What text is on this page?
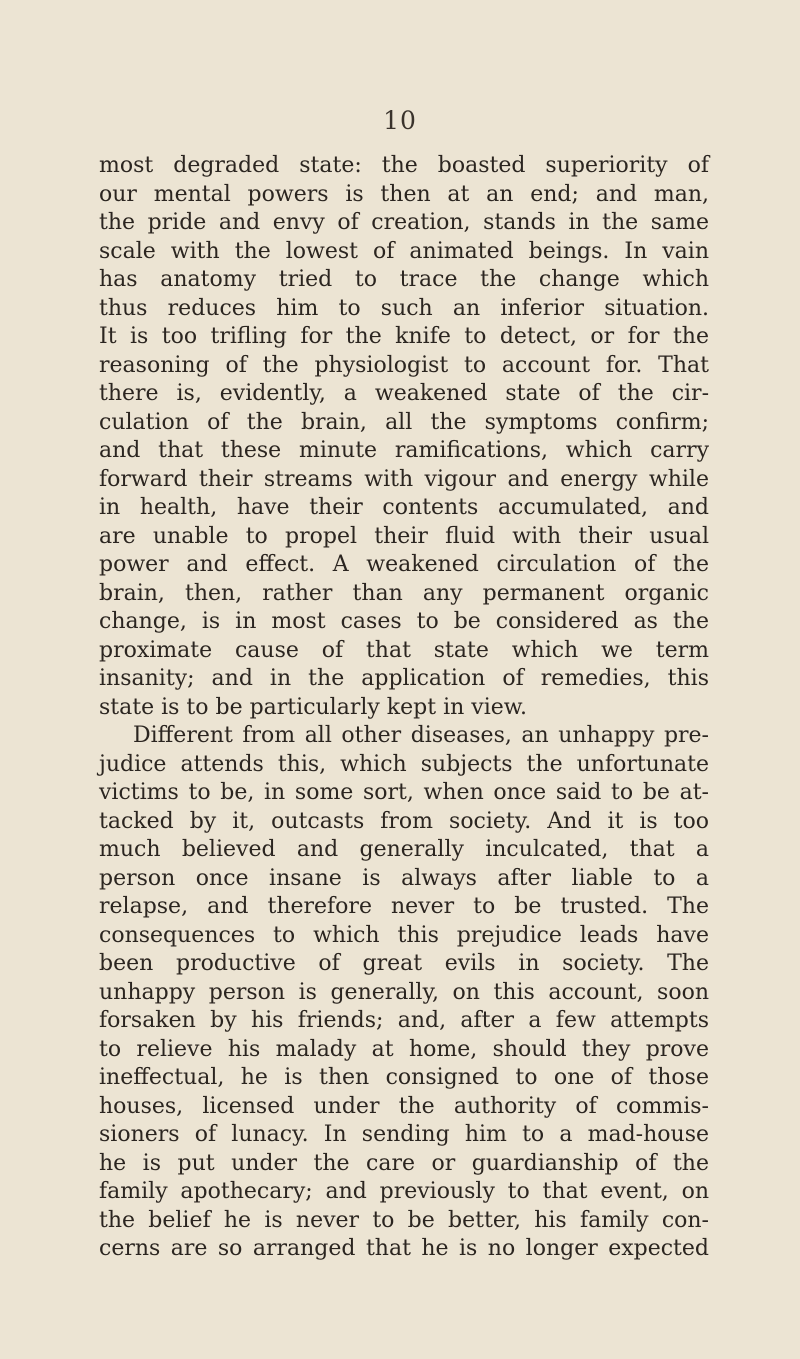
10
most degraded state: the boasted superiority of
our mental powers is then at an end; and man,
the pride and envy of creation, stands in the same
scale with the lowest of animated beings. In vain
has anatomy tried to trace the change which
thus reduces him to such an inferior situation.
It is too trifling for the knife to detect, or for the
reasoning of the physiologist to account for. That
there is, evidently, a weakened state of the cir-
culation of the brain, all the symptoms confirm;
and that these minute ramifications, which carry
forward their streams with vigour and energy while
in health, have their contents accumulated, and
are unable to propel their fluid with their usual
power and effect. A weakened circulation of the
brain, then, rather than any permanent organic
change, is in most cases to be considered as the
proximate cause of that state which we term
insanity; and in the application of remedies, this
state is to be particularly kept in view.
Different from all other diseases, an unhappy pre-
judice attends this, which subjects the unfortunate
victims to be, in some sort, when once said to be at-
tacked by it, outcasts from society. And it is too
much believed and generally inculcated, that a
person once insane is always after liable to a
relapse, and therefore never to be trusted. The
consequences to which this prejudice leads have
been productive of great evils in society. The
unhappy person is generally, on this account, soon
forsaken by his friends; and, after a few attempts
to relieve his malady at home, should they prove
ineffectual, he is then consigned to one of those
houses, licensed under the authority of commis-
sioners of lunacy. In sending him to a mad-house
he is put under the care or guardianship of the
family apothecary; and previously to that event, on
the belief he is never to be better, his family con-
cerns are so arranged that he is no longer expected
